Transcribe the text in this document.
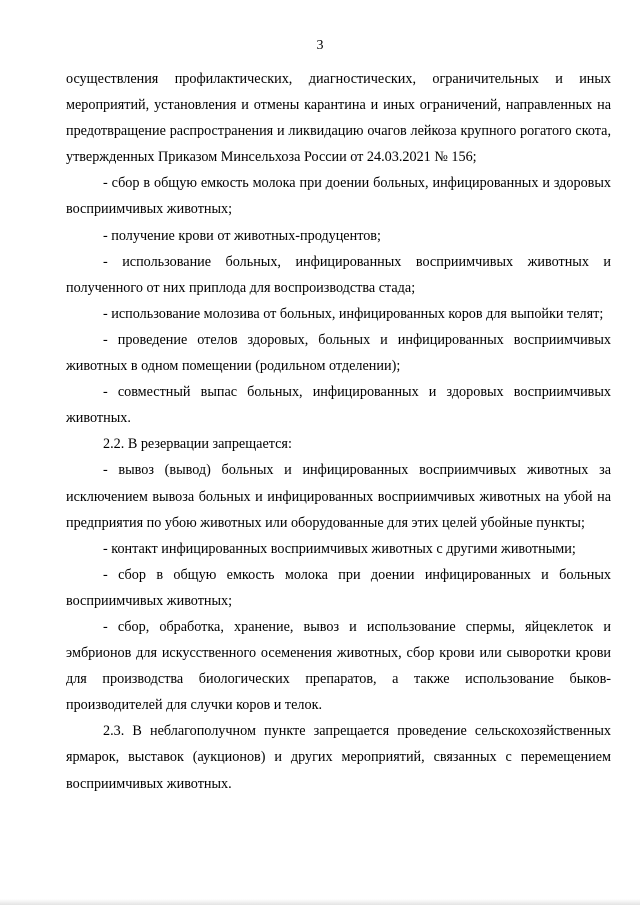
3

осуществления профилактических, диагностических, ограничительных и иных мероприятий, установления и отмены карантина и иных ограничений, направленных на предотвращение распространения и ликвидацию очагов лейкоза крупного рогатого скота, утвержденных Приказом Минсельхоза России от 24.03.2021 № 156;

- сбор в общую емкость молока при доении больных, инфицированных и здоровых восприимчивых животных;

- получение крови от животных-продуцентов;

- использование больных, инфицированных восприимчивых животных и полученного от них приплода для воспроизводства стада;

- использование молозива от больных, инфицированных коров для выпойки телят;

- проведение отелов здоровых, больных и инфицированных восприимчивых животных в одном помещении (родильном отделении);

- совместный выпас больных, инфицированных и здоровых восприимчивых животных.

2.2. В резервации запрещается:

- вывоз (вывод) больных и инфицированных восприимчивых животных за исключением вывоза больных и инфицированных восприимчивых животных на убой на предприятия по убою животных или оборудованные для этих целей убойные пункты;

- контакт инфицированных восприимчивых животных с другими животными;

- сбор в общую емкость молока при доении инфицированных и больных восприимчивых животных;

- сбор, обработка, хранение, вывоз и использование спермы, яйцеклеток и эмбрионов для искусственного осеменения животных, сбор крови или сыворотки крови для производства биологических препаратов, а также использование быков-производителей для случки коров и телок.

2.3. В неблагополучном пункте запрещается проведение сельскохозяйственных ярмарок, выставок (аукционов) и других мероприятий, связанных с перемещением восприимчивых животных.
